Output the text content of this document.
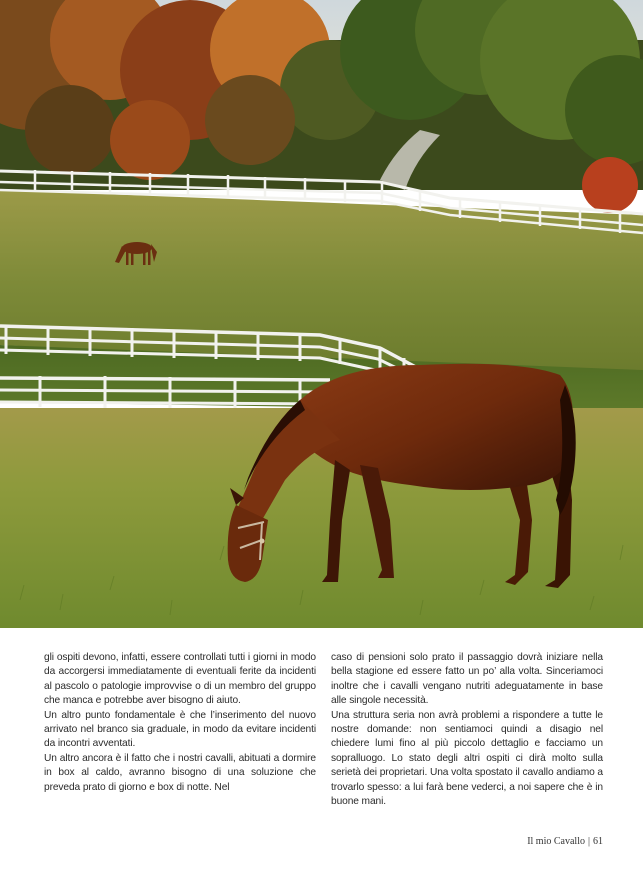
gli ospiti devono, infatti, essere controllati tutti i giorni in modo da accorgersi immediatamente di eventuali ferite da incidenti al pascolo o patologie improvvise o di un membro del gruppo che manca e potrebbe aver bisogno di aiuto.

Un altro punto fondamentale è che l’inserimento del nuovo arrivato nel branco sia graduale, in modo da evitare incidenti da incontri avventati.

Un altro ancora è il fatto che i nostri cavalli, abituati a dormire in box al caldo, avranno bisogno di una soluzione che preveda prato di giorno e box di notte. Nel

caso di pensioni solo prato il passaggio dovrà iniziare nella bella stagione ed essere fatto un po’ alla volta. Sinceriamoci inoltre che i cavalli vengano nutriti adeguatamente in base alle singole necessità.

Una struttura seria non avrà problemi a rispondere a tutte le nostre domande: non sentiamoci quindi a disagio nel chiedere lumi fino al più piccolo dettaglio e facciamo un sopralluogo. Lo stato degli altri ospiti ci dirà molto sulla serietà dei proprietari. Una volta spostato il cavallo andiamo a trovarlo spesso: a lui farà bene vederci, a noi sapere che è in buone mani.

Il mio Cavallo | 61
